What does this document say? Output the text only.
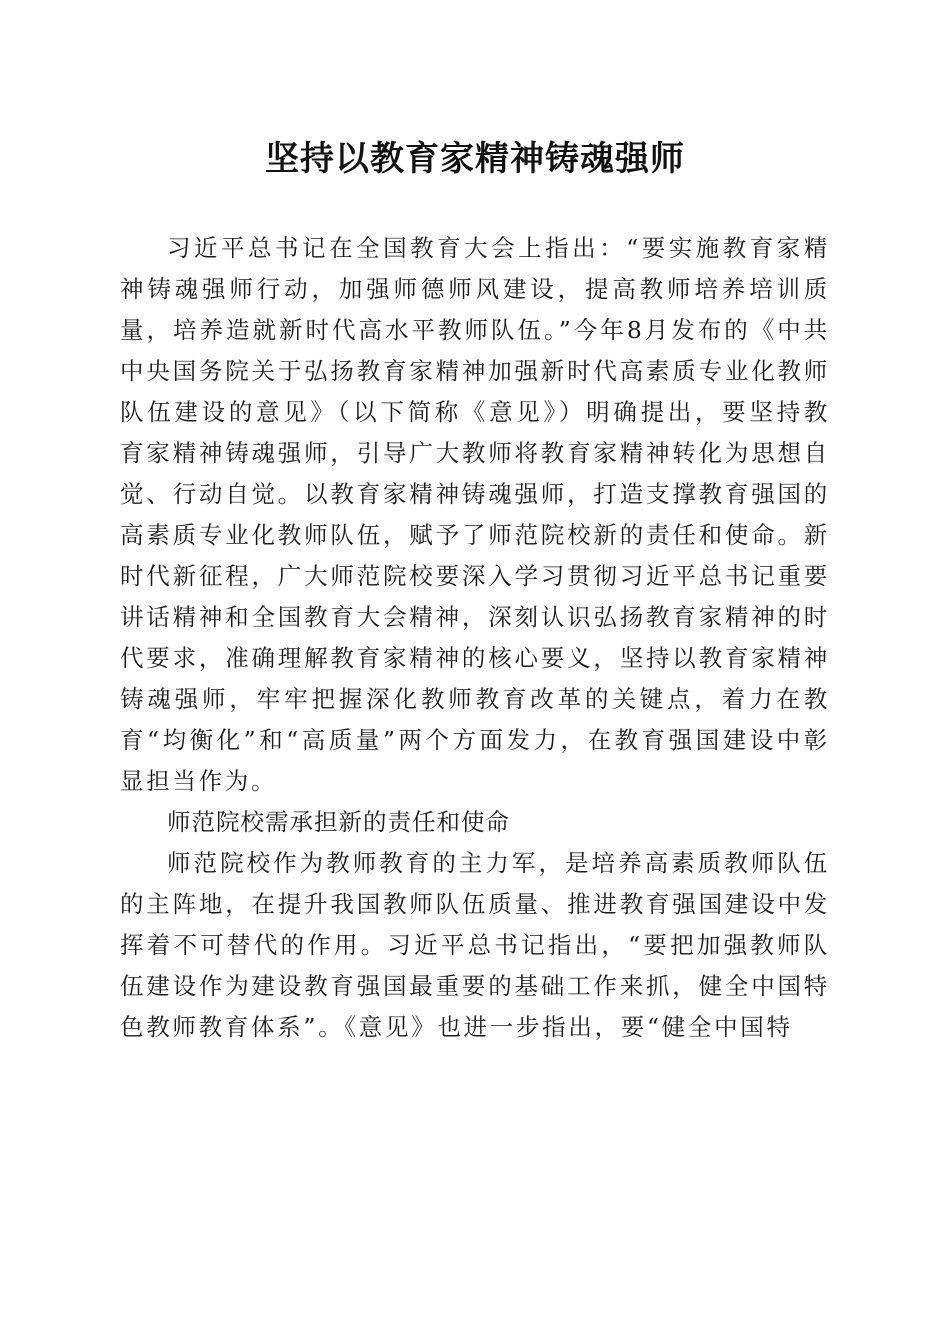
坚持以教育家精神铸魂强师

习近平总书记在全国教育大会上指出：“要实施教育家精神铸魂强师行动，加强师德师风建设，提高教师培养培训质量，培养造就新时代高水平教师队伍。”今年8月发布的《中共中央国务院关于弘扬教育家精神加强新时代高素质专业化教师队伍建设的意见》（以下简称《意见》）明确提出，要坚持教育家精神铸魂强师，引导广大教师将教育家精神转化为思想自觉、行动自觉。以教育家精神铸魂强师，打造支撑教育强国的高素质专业化教师队伍，赋予了师范院校新的责任和使命。新时代新征程，广大师范院校要深入学习贯彻习近平总书记重要讲话精神和全国教育大会精神，深刻认识弘扬教育家精神的时代要求，准确理解教育家精神的核心要义，坚持以教育家精神铸魂强师，牢牢把握深化教师教育改革的关键点，着力在教育“均衡化”和“高质量”两个方面发力，在教育强国建设中彰显担当作为。

师范院校需承担新的责任和使命

师范院校作为教师教育的主力军，是培养高素质教师队伍的主阵地，在提升我国教师队伍质量、推进教育强国建设中发挥着不可替代的作用。习近平总书记指出，“要把加强教师队伍建设作为建设教育强国最重要的基础工作来抓，健全中国特色教师教育体系”。《意见》也进一步指出，要“健全中国特
